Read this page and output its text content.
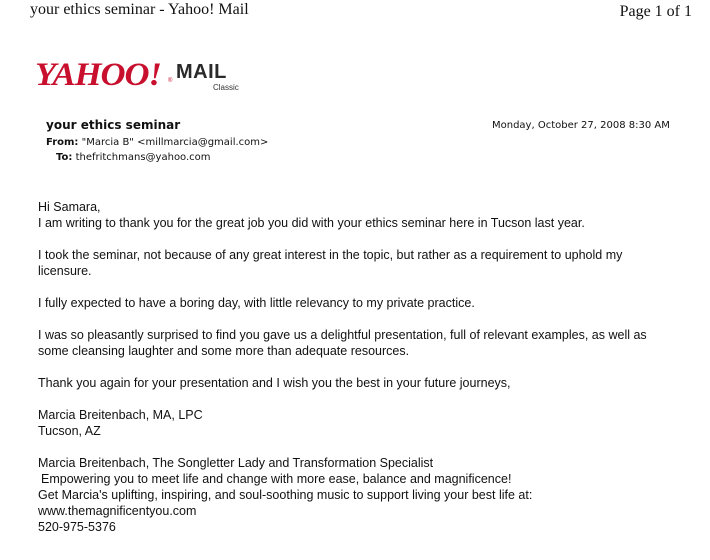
your ethics seminar - Yahoo! Mail	Page 1 of 1
YAHOO! ® MAIL
Classic
your ethics seminar	Monday, October 27, 2008 8:30 AM
From: "Marcia B" <millmarcia@gmail.com>
To: thefritchmans@yahoo.com

Hi Samara,

I am writing to thank you for the great job you did with your ethics seminar here in Tucson last year.

I took the seminar, not because of any great interest in the topic, but rather as a requirement to uphold my
licensure.

I fully expected to have a boring day, with little relevancy to my private practice.

I was so pleasantly surprised to find you gave us a delightful presentation, full of relevant examples, as well as
some cleansing laughter and some more than adequate resources.

Thank you again for your presentation and I wish you the best in your future journeys,

Marcia Breitenbach, MA, LPC
Tucson, AZ

Marcia Breitenbach, The Songletter Lady and Transformation Specialist
Empowering you to meet life and change with more ease, balance and magnificence!
Get Marcia's uplifting, inspiring, and soul-soothing music to support living your best life at:
www.themagnificentyou.com
520-975-5376
